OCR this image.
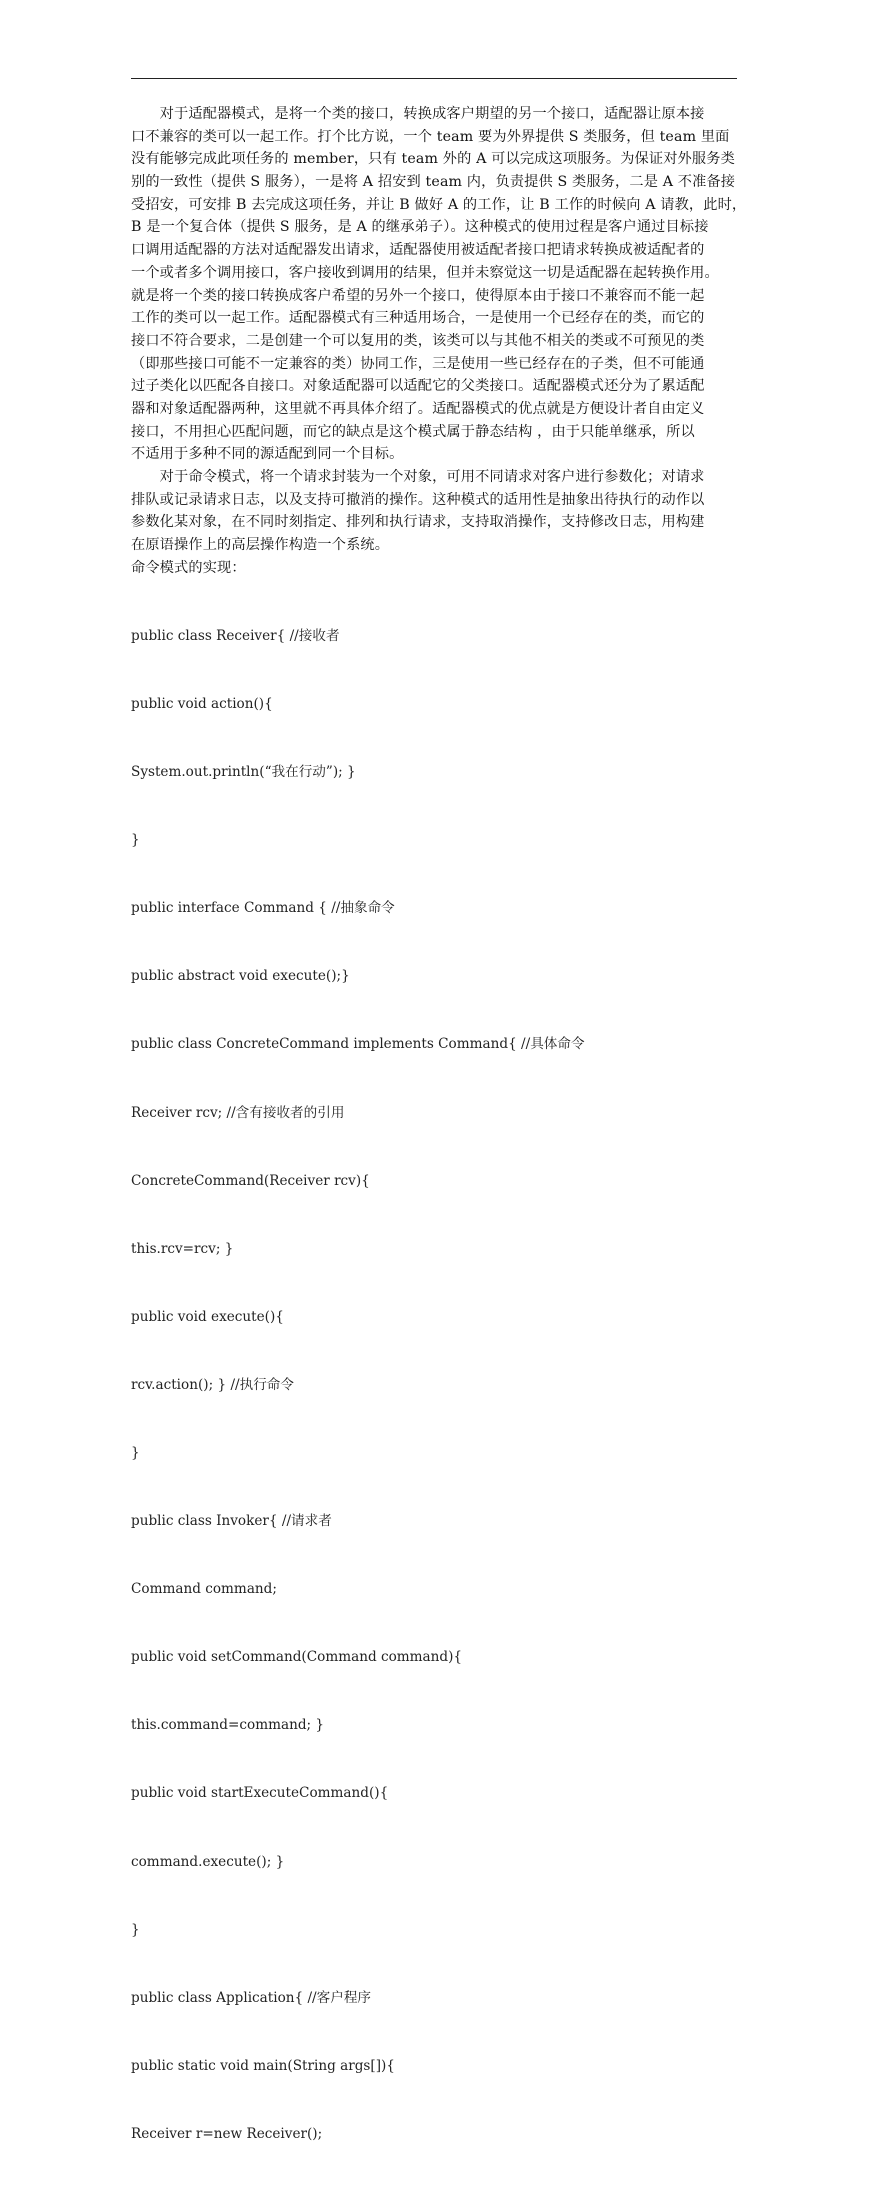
　　对于适配器模式，是将一个类的接口，转换成客户期望的另一个接口，适配器让原本接
口不兼容的类可以一起工作。打个比方说，一个 team 要为外界提供 S 类服务，但 team 里面
没有能够完成此项任务的 member，只有 team 外的 A 可以完成这项服务。为保证对外服务类
别的一致性（提供 S 服务），一是将 A 招安到 team 内，负责提供 S 类服务，二是 A 不准备接
受招安，可安排 B 去完成这项任务，并让 B 做好 A 的工作，让 B 工作的时候向 A 请教，此时，
B 是一个复合体（提供 S 服务，是 A 的继承弟子）。这种模式的使用过程是客户通过目标接
口调用适配器的方法对适配器发出请求，适配器使用被适配者接口把请求转换成被适配者的
一个或者多个调用接口，客户接收到调用的结果，但并未察觉这一切是适配器在起转换作用。
就是将一个类的接口转换成客户希望的另外一个接口，使得原本由于接口不兼容而不能一起
工作的类可以一起工作。适配器模式有三种适用场合，一是使用一个已经存在的类，而它的
接口不符合要求，二是创建一个可以复用的类，该类可以与其他不相关的类或不可预见的类
（即那些接口可能不一定兼容的类）协同工作，三是使用一些已经存在的子类，但不可能通
过子类化以匹配各自接口。对象适配器可以适配它的父类接口。适配器模式还分为了累适配
器和对象适配器两种，这里就不再具体介绍了。适配器模式的优点就是方便设计者自由定义
接口，不用担心匹配问题，而它的缺点是这个模式属于静态结构 ，由于只能单继承，所以
不适用于多种不同的源适配到同一个目标。
　　对于命令模式，将一个请求封装为一个对象，可用不同请求对客户进行参数化；对请求
排队或记录请求日志，以及支持可撤消的操作。这种模式的适用性是抽象出待执行的动作以
参数化某对象，在不同时刻指定、排列和执行请求，支持取消操作，支持修改日志，用构建
在原语操作上的高层操作构造一个系统。
命令模式的实现：

public class Receiver{ //接收者

public void action(){

System.out.println(“我在行动”); }

}

public interface Command { //抽象命令

public abstract void execute();}

public class ConcreteCommand implements Command{ //具体命令

Receiver rcv; //含有接收者的引用

ConcreteCommand(Receiver rcv){

this.rcv=rcv; }

public void execute(){

rcv.action(); } //执行命令

}

public class Invoker{ //请求者

Command command;

public void setCommand(Command command){

this.command=command; }

public void startExecuteCommand(){

command.execute(); }

}

public class Application{ //客户程序

public static void main(String args[]){

Receiver r=new Receiver();
